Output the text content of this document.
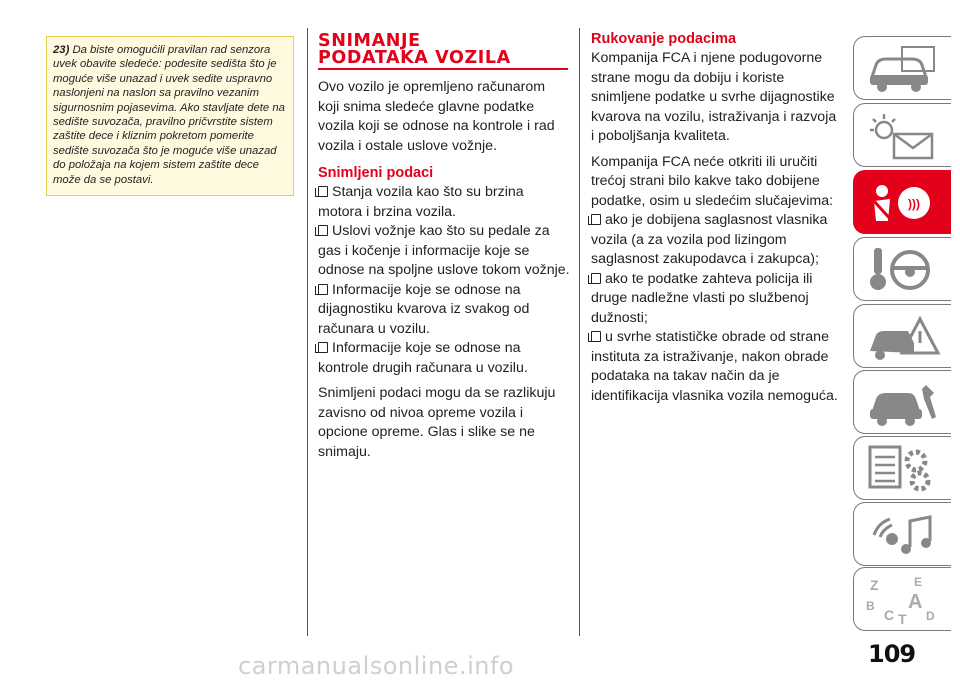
23) Da biste omogućili pravilan rad senzora uvek obavite sledeće: podesite sedišta što je moguće više unazad i uvek sedite uspravno naslonjeni na naslon sa pravilno vezanim sigurnosnim pojasevima. Ako stavljate dete na sedište suvozača, pravilno pričvrstite sistem zaštite dece i kliznim pokretom pomerite sedište suvozača što je moguće više unazad do položaja na kojem sistem zaštite dece može da se postavi.
SNIMANJE
PODATAKA VOZILA
Ovo vozilo je opremljeno računarom koji snima sledeće glavne podatke vozila koji se odnose na kontrole i rad vozila i ostale uslove vožnje.
Snimljeni podaci
Stanja vozila kao što su brzina motora i brzina vozila.
Uslovi vožnje kao što su pedale za gas i kočenje i informacije koje se odnose na spoljne uslove tokom vožnje.
Informacije koje se odnose na dijagnostiku kvarova iz svakog od računara u vozilu.
Informacije koje se odnose na kontrole drugih računara u vozilu.
Snimljeni podaci mogu da se razlikuju zavisno od nivoa opreme vozila i opcione opreme. Glas i slike se ne snimaju.
Rukovanje podacima
Kompanija FCA i njene podugovorne strane mogu da dobiju i koriste snimljene podatke u svrhe dijagnostike kvarova na vozilu, istraživanja i razvoja i poboljšanja kvaliteta.
Kompanija FCA neće otkriti ili uručiti trećoj strani bilo kakve tako dobijene podatke, osim u sledećim slučajevima:
ako je dobijena saglasnost vlasnika vozila (a za vozila pod lizingom saglasnost zakupodavca i zakupca);
ako te podatke zahteva policija ili druge nadležne vlasti po službenoj dužnosti;
u svrhe statističke obrade od strane instituta za istraživanje, nakon obrade podataka na takav način da je identifikacija vlasnika vozila nemoguća.
)))
Z	E
B A
C	D
T
109
carmanualsonline.info
